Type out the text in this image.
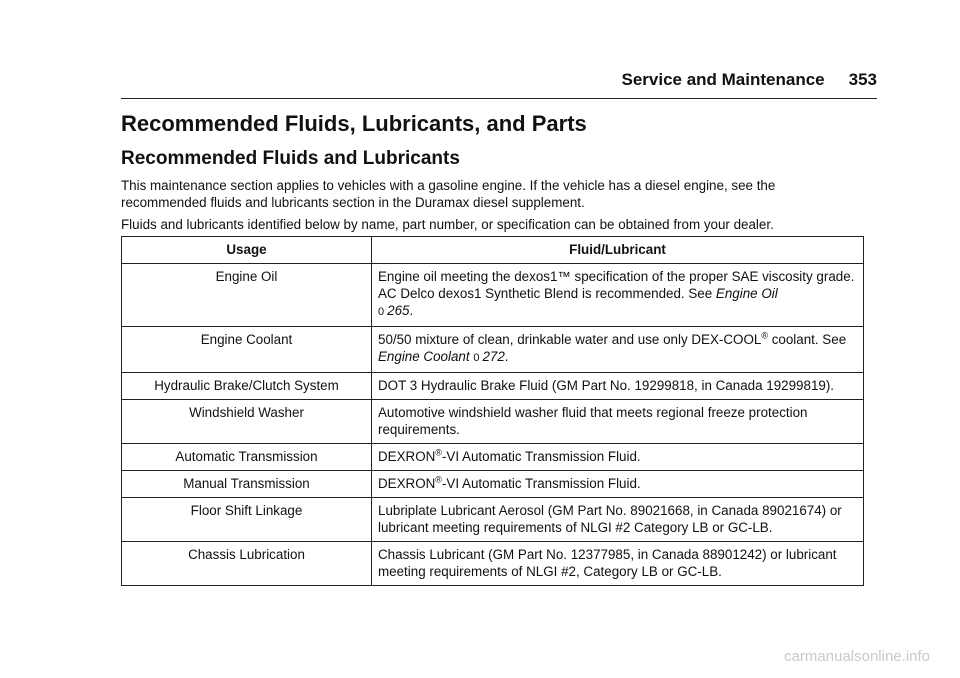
Service and Maintenance 353
Recommended Fluids, Lubricants, and Parts
Recommended Fluids and Lubricants

This maintenance section applies to vehicles with a gasoline engine. If the vehicle has a diesel engine, see the recommended fluids and lubricants section in the Duramax diesel supplement.

Fluids and lubricants identified below by name, part number, or specification can be obtained from your dealer.

Usage	Fluid/Lubricant
Engine Oil	Engine oil meeting the dexos1™ specification of the proper SAE viscosity grade. AC Delco dexos1 Synthetic Blend is recommended. See Engine Oil
0 265.
Engine Coolant	50/50 mixture of clean, drinkable water and use only DEX-COOL® coolant. See Engine Coolant 0 272.
Hydraulic Brake/Clutch System	DOT 3 Hydraulic Brake Fluid (GM Part No. 19299818, in Canada 19299819).
Windshield Washer	Automotive windshield washer fluid that meets regional freeze protection requirements.
Automatic Transmission	DEXRON®-VI Automatic Transmission Fluid.
Manual Transmission	DEXRON®-VI Automatic Transmission Fluid.
Floor Shift Linkage	Lubriplate Lubricant Aerosol (GM Part No. 89021668, in Canada 89021674) or lubricant meeting requirements of NLGI #2 Category LB or GC-LB.
Chassis Lubrication	Chassis Lubricant (GM Part No. 12377985, in Canada 88901242) or lubricant meeting requirements of NLGI #2, Category LB or GC-LB.
carmanualsonline.info
